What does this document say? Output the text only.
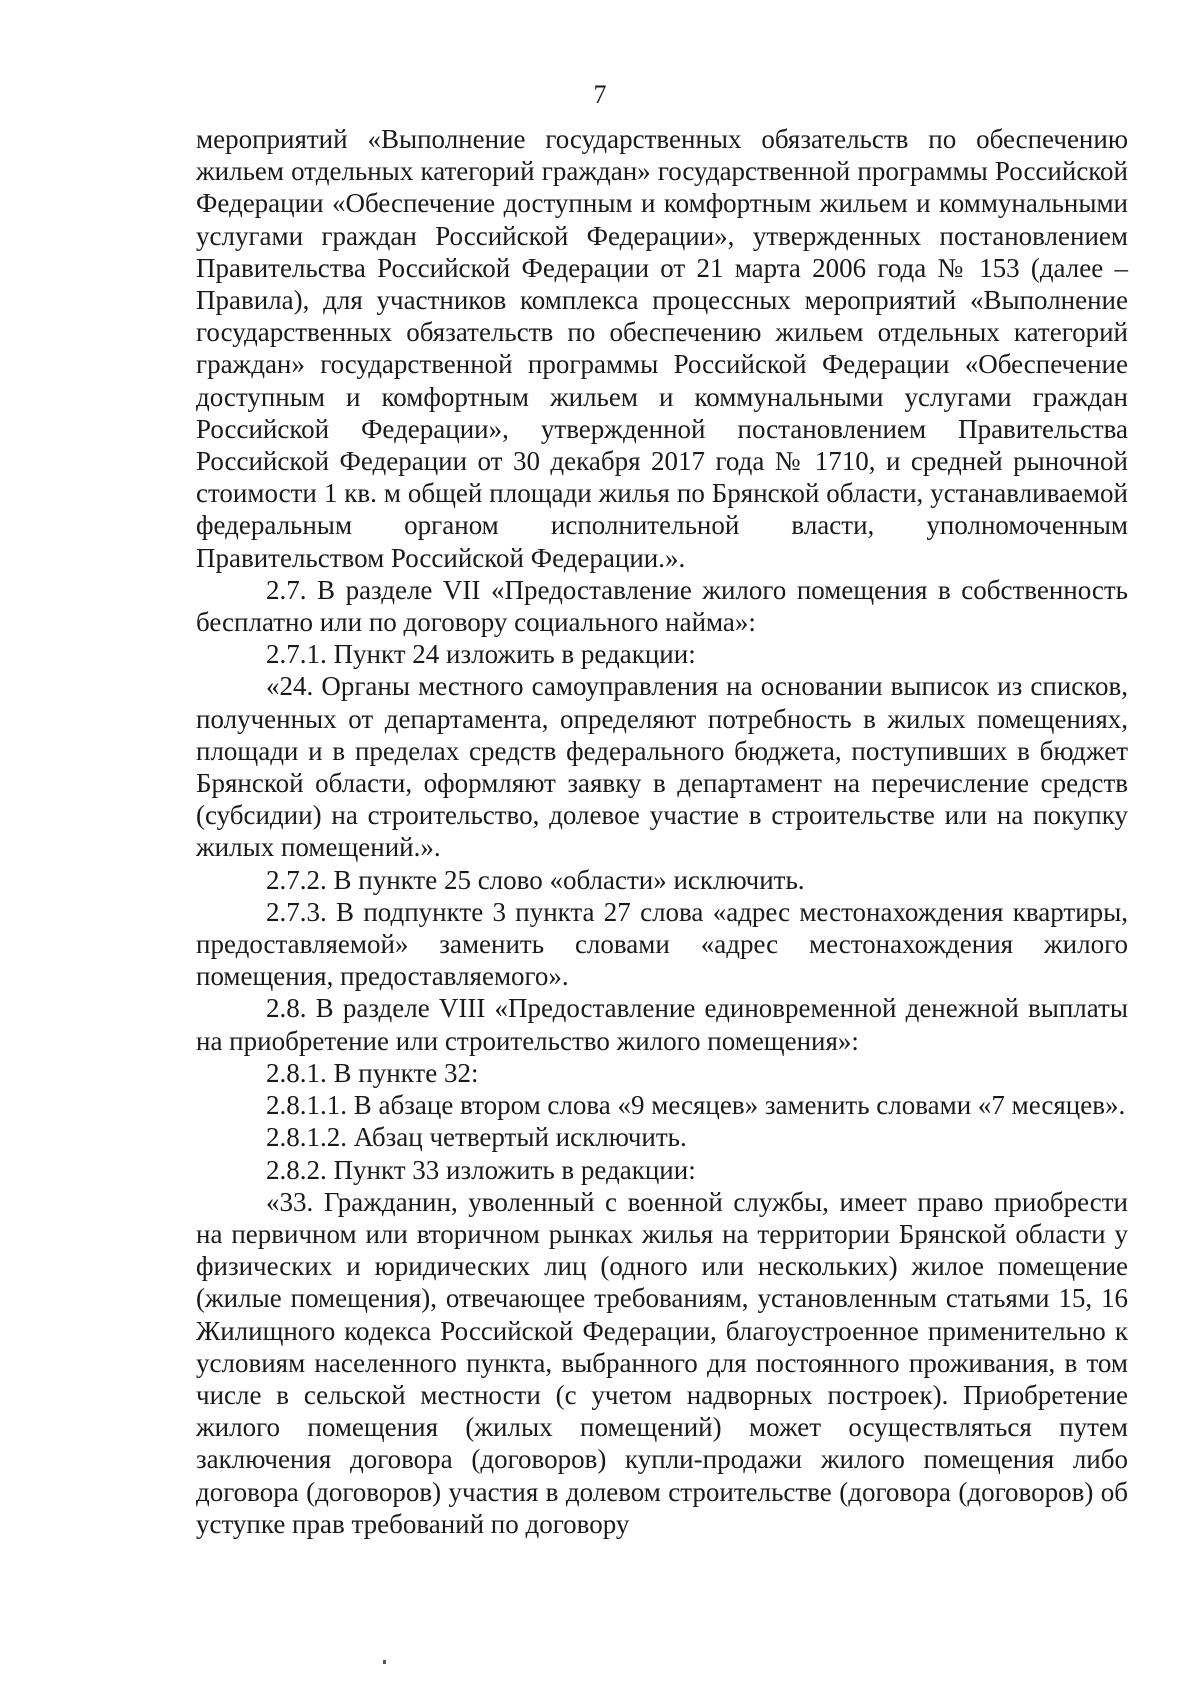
7

мероприятий «Выполнение государственных обязательств по обеспечению жильем отдельных категорий граждан» государственной программы Российской Федерации «Обеспечение доступным и комфортным жильем и коммунальными услугами граждан Российской Федерации», утвержденных постановлением Правительства Российской Федерации от 21 марта 2006 года № 153 (далее – Правила), для участников комплекса процессных мероприятий «Выполнение государственных обязательств по обеспечению жильем отдельных категорий граждан» государственной программы Российской Федерации «Обеспечение доступным и комфортным жильем и коммунальными услугами граждан Российской Федерации», утвержденной постановлением Правительства Российской Федерации от 30 декабря 2017 года № 1710, и средней рыночной стоимости 1 кв. м общей площади жилья по Брянской области, устанавливаемой федеральным органом исполнительной власти, уполномоченным Правительством Российской Федерации.».

2.7. В разделе VII «Предоставление жилого помещения в собственность бесплатно или по договору социального найма»:

2.7.1. Пункт 24 изложить в редакции:

«24. Органы местного самоуправления на основании выписок из списков, полученных от департамента, определяют потребность в жилых помещениях, площади и в пределах средств федерального бюджета, поступивших в бюджет Брянской области, оформляют заявку в департамент на перечисление средств (субсидии) на строительство, долевое участие в строительстве или на покупку жилых помещений.».

2.7.2. В пункте 25 слово «области» исключить.

2.7.3. В подпункте 3 пункта 27 слова «адрес местонахождения квартиры, предоставляемой» заменить словами «адрес местонахождения жилого помещения, предоставляемого».

2.8. В разделе VIII «Предоставление единовременной денежной выплаты на приобретение или строительство жилого помещения»:

2.8.1. В пункте 32:

2.8.1.1. В абзаце втором слова «9 месяцев» заменить словами «7 месяцев».

2.8.1.2. Абзац четвертый исключить.

2.8.2. Пункт 33 изложить в редакции:

«33. Гражданин, уволенный с военной службы, имеет право приобрести на первичном или вторичном рынках жилья на территории Брянской области у физических и юридических лиц (одного или нескольких) жилое помещение (жилые помещения), отвечающее требованиям, установленным статьями 15, 16 Жилищного кодекса Российской Федерации, благоустроенное применительно к условиям населенного пункта, выбранного для постоянного проживания, в том числе в сельской местности (с учетом надворных построек). Приобретение жилого помещения (жилых помещений) может осуществляться путем заключения договора (договоров) купли-продажи жилого помещения либо договора (договоров) участия в долевом строительстве (договора (договоров) об уступке прав требований по договору
